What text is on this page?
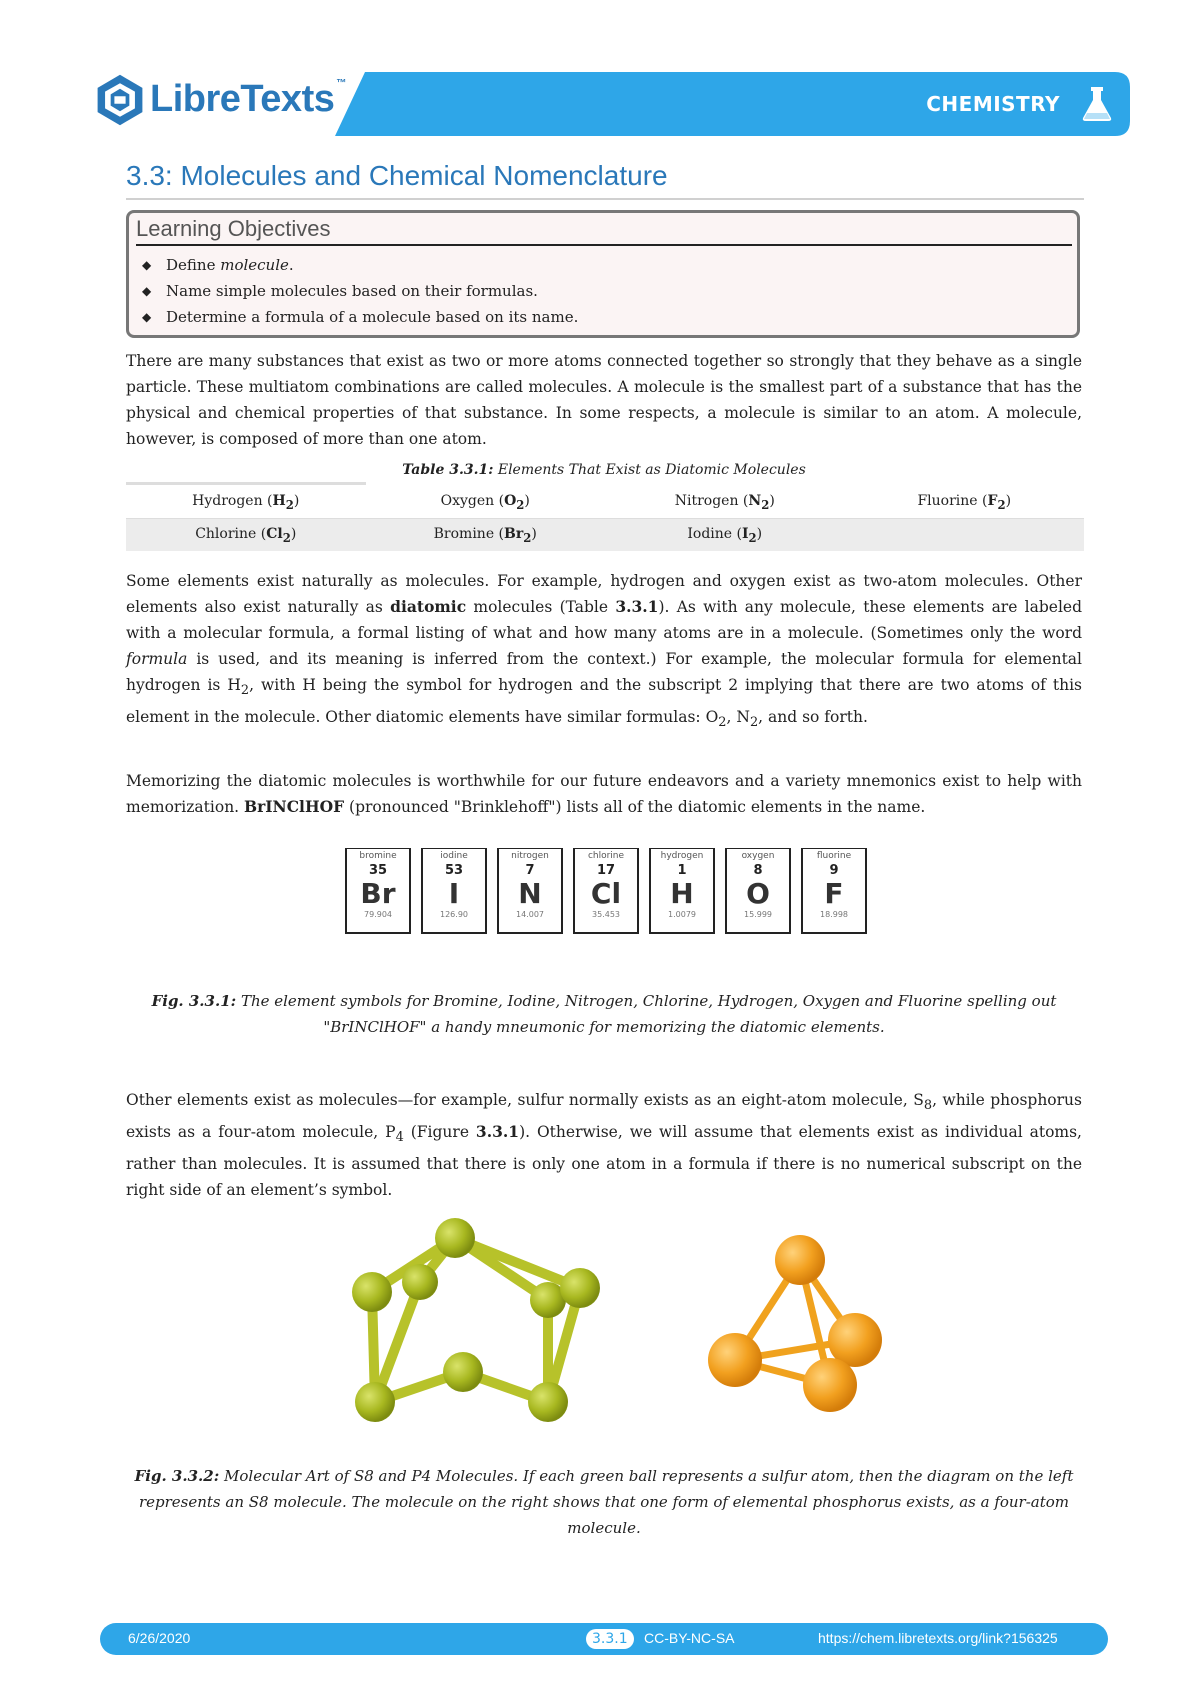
LibreTexts ™
CHEMISTRY
3.3: Molecules and Chemical Nomenclature
Learning Objectives
◆ Define molecule.
◆ Name simple molecules based on their formulas.
◆ Determine a formula of a molecule based on its name.

There are many substances that exist as two or more atoms connected together so strongly that they behave as a single particle. These multiatom combinations are called molecules. A molecule is the smallest part of a substance that has the physical and chemical properties of that substance. In some respects, a molecule is similar to an atom. A molecule, however, is composed of more than one atom.

Table 3.3.1: Elements That Exist as Diatomic Molecules
Hydrogen $(H_2)$	Oxygen $(O_2)$	Nitrogen $(N_2)$	Fluorine $(F_2)$
Chlorine $(Cl_2)$	Bromine $(Br_2)$	Iodine $(I_2)$	

Some elements exist naturally as molecules. For example, hydrogen and oxygen exist as two-atom molecules. Other elements also exist naturally as diatomic molecules (Table 3.3.1). As with any molecule, these elements are labeled with a molecular formula, a formal listing of what and how many atoms are in a molecule. (Sometimes only the word formula is used, and its meaning is inferred from the context.) For example, the molecular formula for elemental hydrogen is $H_2$, with H being the symbol for hydrogen and the subscript 2 implying that there are two atoms of this element in the molecule. Other diatomic elements have similar formulas: $O_2$, $N_2$, and so forth.

Memorizing the diatomic molecules is worthwhile for our future endeavors and a variety mnemonics exist to help with memorization. BrINClHOF (pronounced "Brinklehoff") lists all of the diatomic elements in the name.

bromine
35
Br
79.904
iodine
53
I
126.90
nitrogen
7
N
14.007
chlorine
17
Cl
35.453
hydrogen
1
H
1.0079
oxygen
8
O
15.999
fluorine
9
F
18.998

Fig. 3.3.1: The element symbols for Bromine, Iodine, Nitrogen, Chlorine, Hydrogen, Oxygen and Fluorine spelling out "BrINClHOF" a handy mneumonic for memorizing the diatomic elements.

Other elements exist as molecules—for example, sulfur normally exists as an eight-atom molecule, $S_8$, while phosphorus exists as a four-atom molecule, $P_4$ (Figure 3.3.1). Otherwise, we will assume that elements exist as individual atoms, rather than molecules. It is assumed that there is only one atom in a formula if there is no numerical subscript on the right side of an element’s symbol.

Fig. 3.3.2: Molecular Art of S8 and P4 Molecules. If each green ball represents a sulfur atom, then the diagram on the left represents an S8 molecule. The molecule on the right shows that one form of elemental phosphorus exists, as a four-atom molecule.

6/26/2020	3.3.1	CC-BY-NC-SA	https://chem.libretexts.org/link?156325
